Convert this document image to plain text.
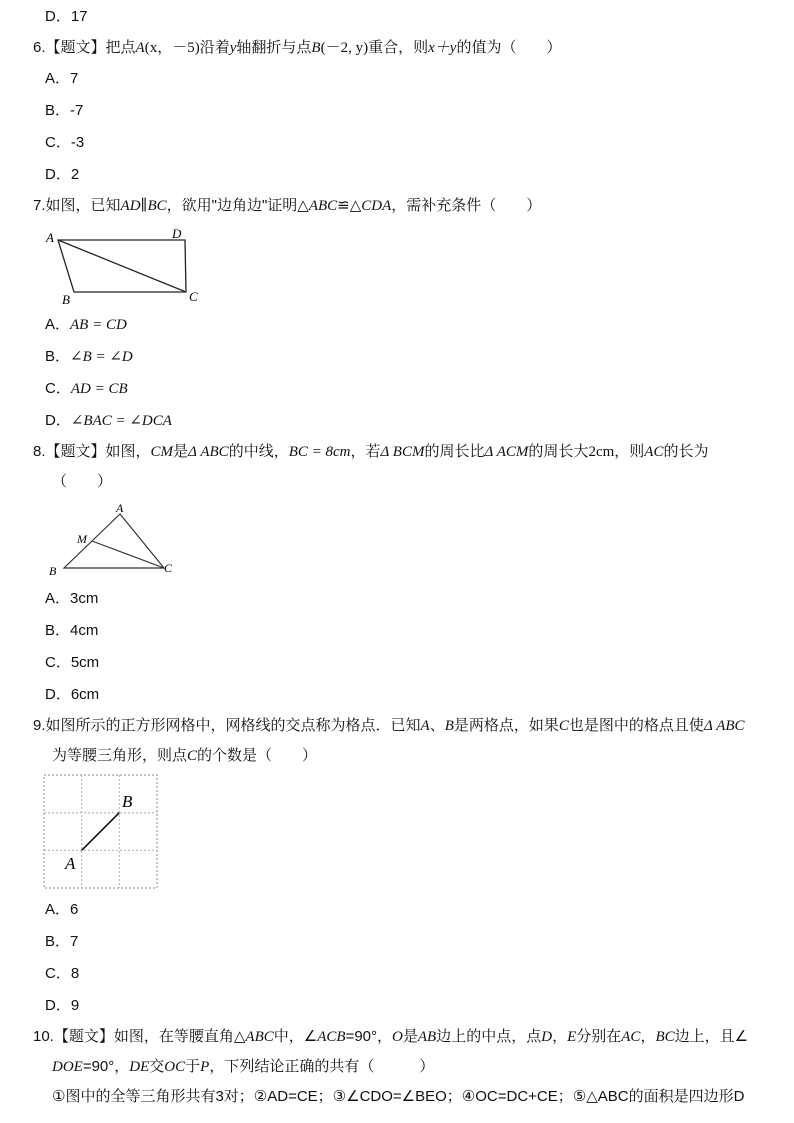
D．17
6.【题文】把点A(x，－5)沿着y轴翻折与点B(－2, y)重合，则x＋y的值为（　　）
A．7
B．-7
C．-3
D．2
7.如图，已知AD∥BC，欲用"边角边"证明△ABC≌△CDA，需补充条件（　　）
A	D
B	C
A．AB = CD
B．∠B = ∠D
C．AD = CB
D．∠BAC = ∠DCA
8.【题文】如图，CM是Δ ABC的中线，BC = 8cm，若Δ BCM的周长比Δ ACM的周长大2cm，则AC的长为
（　　）
A
M
B	C
A．3cm
B．4cm
C．5cm
D．6cm
9.如图所示的正方形网格中，网格线的交点称为格点．已知A、B是两格点，如果C也是图中的格点且使Δ ABC
为等腰三角形，则点C的个数是（　　）
B
A
A．6
B．7
C．8
D．9
10.【题文】如图，在等腰直角△ABC中，∠ACB=90°，O是AB边上的中点，点D，E分别在AC，BC边上，且∠
DOE=90°，DE交OC于P，下列结论正确的共有（　　　）
①图中的全等三角形共有3对；②AD=CE；③∠CDO=∠BEO；④OC=DC+CE；⑤△ABC的面积是四边形D
